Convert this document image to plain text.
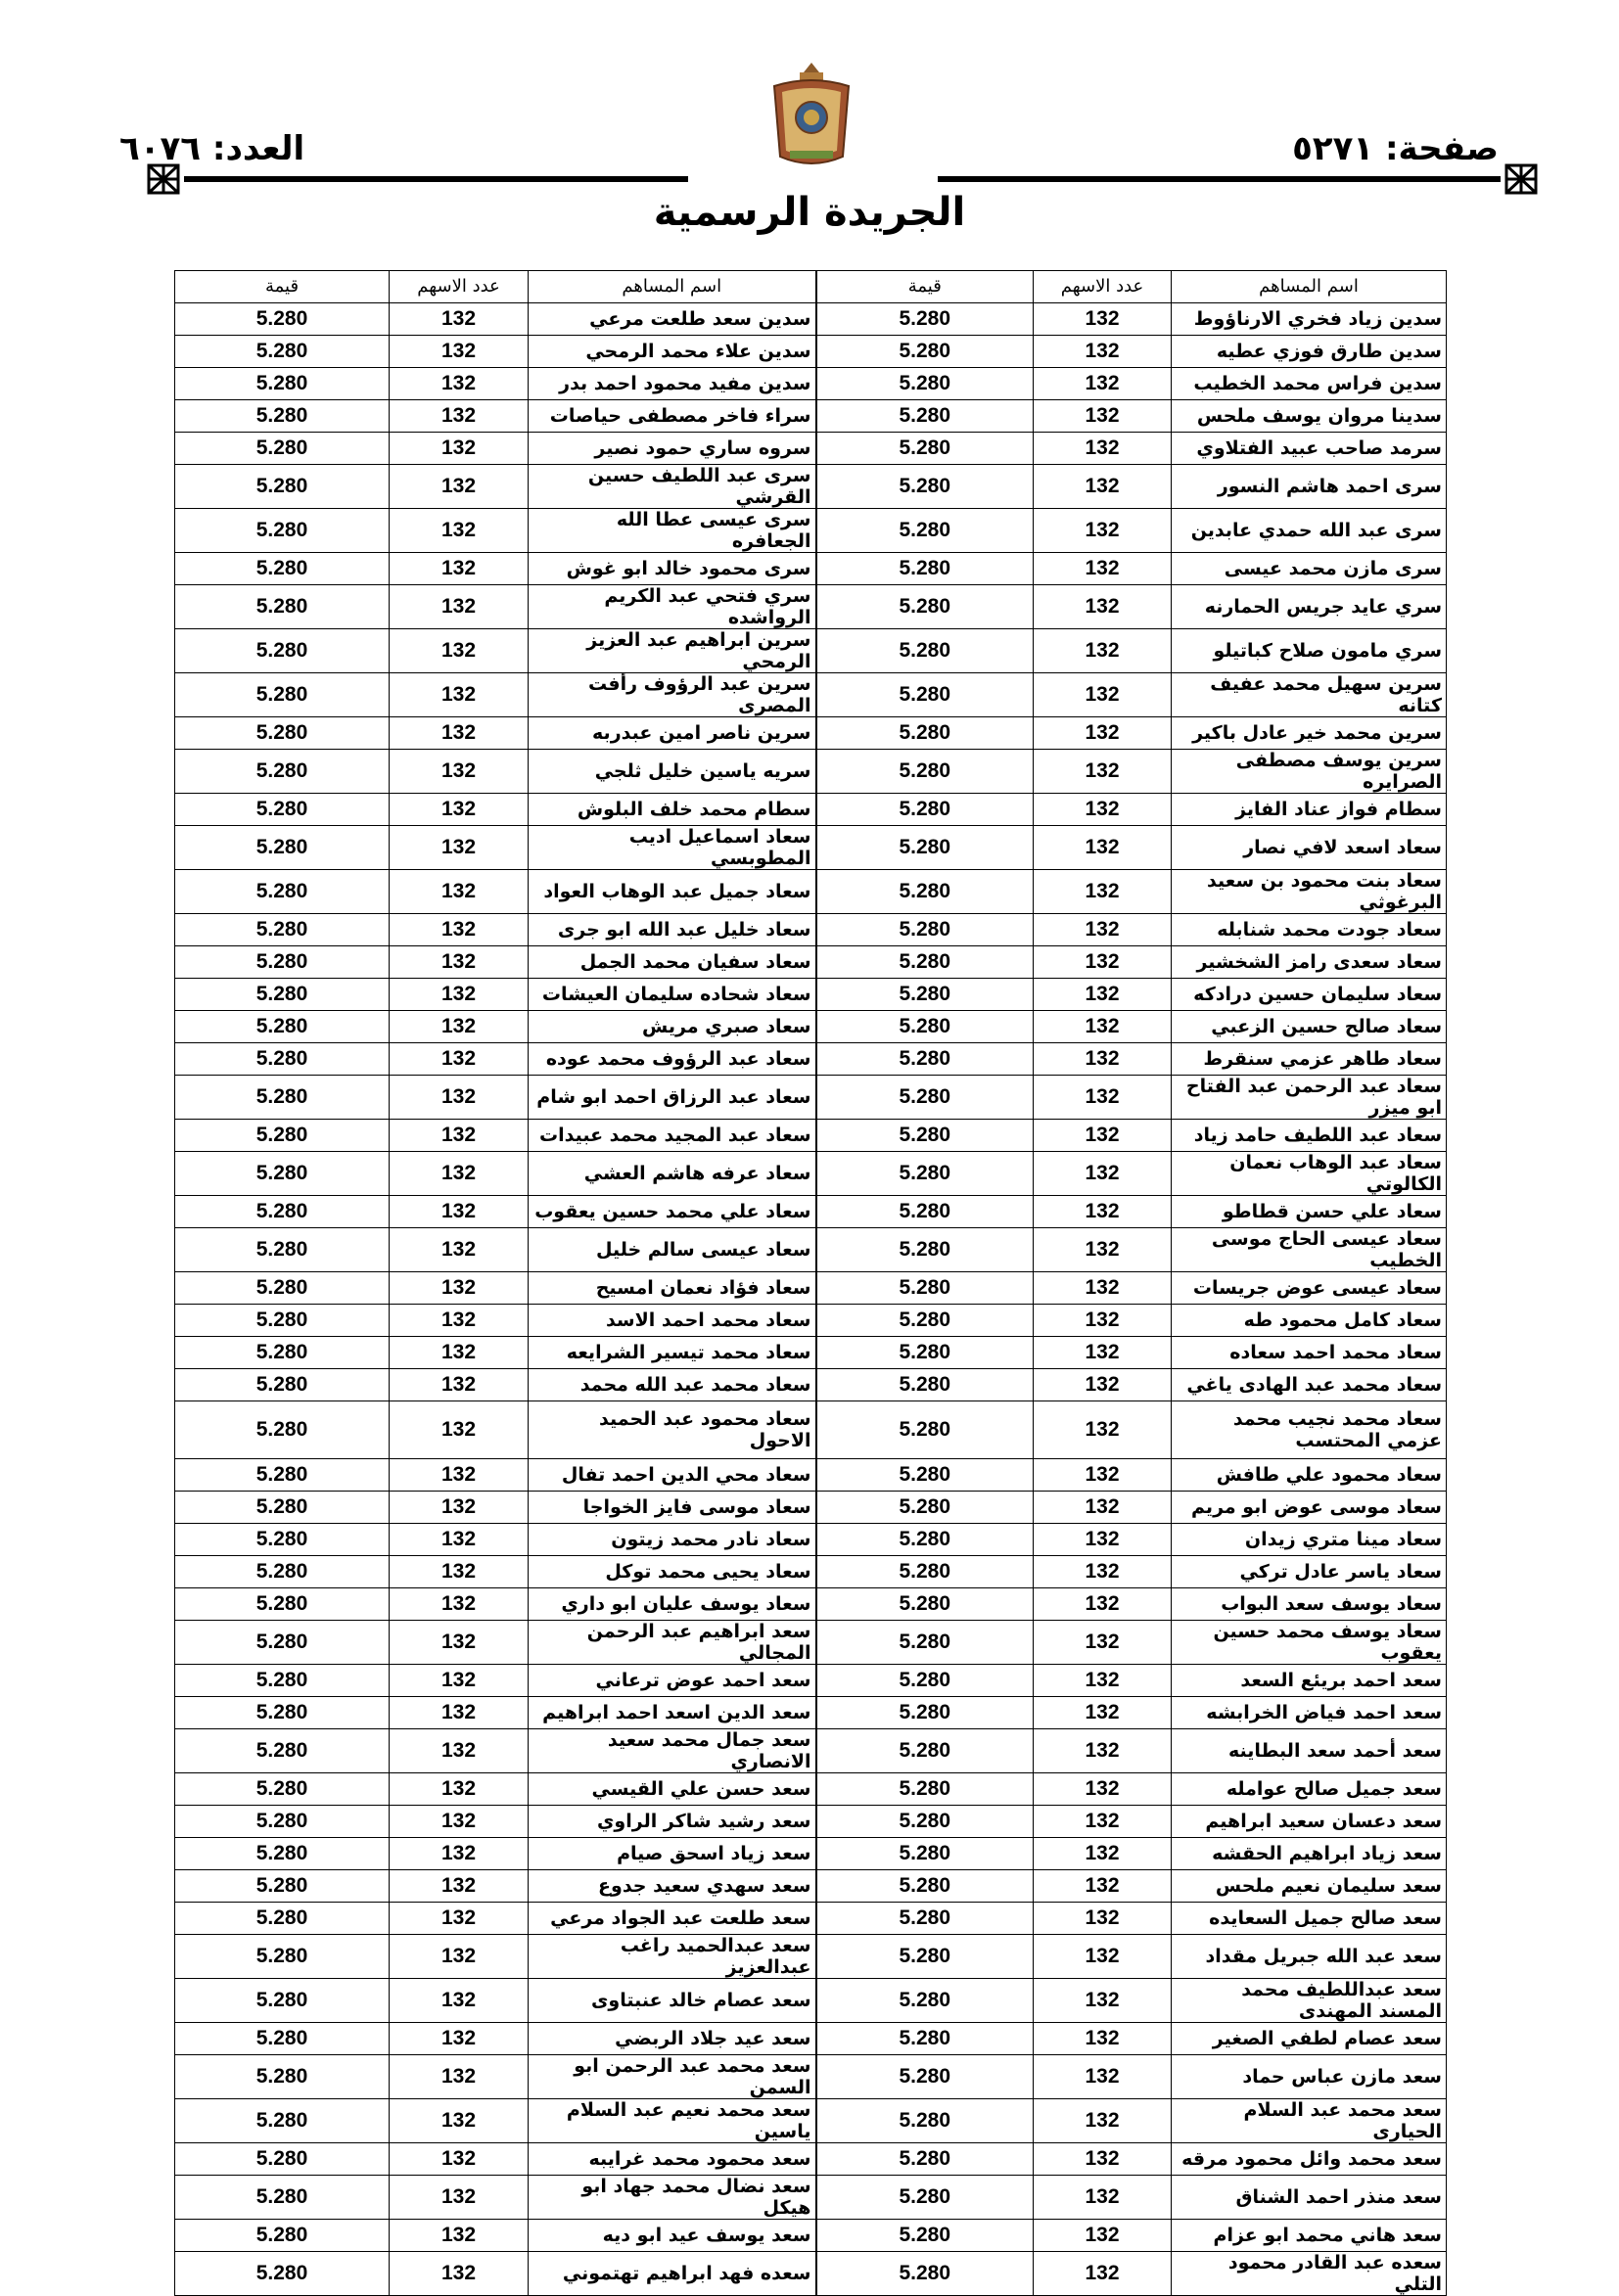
صفحة: ٥٢٧١
العدد: ٦٠٧٦
الجريدة الرسمية
اسم المساهم	عدد الاسهم	قيمة	اسم المساهم	عدد الاسهم	قيمة
سدين زياد فخري الارناؤوط	132	5.280	سدين سعد طلعت مرعي	132	5.280
سدين طارق فوزي عطيه	132	5.280	سدين علاء محمد الرمحي	132	5.280
سدين فراس محمد الخطيب	132	5.280	سدين مفيد محمود احمد بدر	132	5.280
سدينا مروان يوسف ملحس	132	5.280	سراء فاخر مصطفى حياصات	132	5.280
سرمد صاحب عبيد الفتلاوي	132	5.280	سروه ساري حمود نصير	132	5.280
سرى احمد هاشم النسور	132	5.280	سرى عبد اللطيف حسين القرشي	132	5.280
سرى عبد الله حمدي عابدين	132	5.280	سرى عيسى عطا الله الجعافره	132	5.280
سرى مازن محمد عيسى	132	5.280	سرى محمود خالد ابو غوش	132	5.280
سري عايد جريس الحمارنه	132	5.280	سري فتحي عبد الكريم الرواشده	132	5.280
سري مامون صلاح كباتيلو	132	5.280	سرين ابراهيم عبد العزيز الرمحي	132	5.280
سرين سهيل محمد عفيف كتانه	132	5.280	سرين عبد الرؤوف رأفت المصرى	132	5.280
سرين محمد خير عادل باكير	132	5.280	سرين ناصر امين عبدربه	132	5.280
سرين يوسف مصطفى الصرايره	132	5.280	سريه ياسين خليل ثلجي	132	5.280
سطام فواز عناد الفايز	132	5.280	سطام محمد خلف البلوش	132	5.280
سعاد اسعد لافي نصار	132	5.280	سعاد اسماعيل اديب المطوبسي	132	5.280
سعاد بنت محمود بن سعيد البرغوثي	132	5.280	سعاد جميل عبد الوهاب العواد	132	5.280
سعاد جودت محمد شنابله	132	5.280	سعاد خليل عبد الله ابو جرى	132	5.280
سعاد سعدى رامز الشخشير	132	5.280	سعاد سفيان محمد الجمل	132	5.280
سعاد سليمان حسين درادكه	132	5.280	سعاد شحاده سليمان العيشات	132	5.280
سعاد صالح حسين الزعبي	132	5.280	سعاد صبري مريش	132	5.280
سعاد طاهر عزمي سنقرط	132	5.280	سعاد عبد الرؤوف محمد عوده	132	5.280
سعاد عبد الرحمن عبد الفتاح ابو ميزر	132	5.280	سعاد عبد الرزاق احمد ابو شام	132	5.280
سعاد عبد اللطيف حامد زياد	132	5.280	سعاد عبد المجيد محمد عبيدات	132	5.280
سعاد عبد الوهاب نعمان الكالوتي	132	5.280	سعاد عرفه هاشم العشي	132	5.280
سعاد علي حسن قطاطو	132	5.280	سعاد علي محمد حسين يعقوب	132	5.280
سعاد عيسى الحاج موسى الخطيب	132	5.280	سعاد عيسى سالم خليل	132	5.280
سعاد عيسى عوض جريسات	132	5.280	سعاد فؤاد نعمان امسيح	132	5.280
سعاد كامل محمود طه	132	5.280	سعاد محمد احمد الاسد	132	5.280
سعاد محمد احمد سعاده	132	5.280	سعاد محمد تيسير الشرايعه	132	5.280
سعاد محمد عبد الهادى ياغي	132	5.280	سعاد محمد عبد الله محمد	132	5.280
سعاد محمد نجيب محمد عزمي المحتسب	132	5.280	سعاد محمود عبد الحميد الاحول	132	5.280
سعاد محمود علي طافش	132	5.280	سعاد محي الدين احمد تفال	132	5.280
سعاد موسى عوض ابو مريم	132	5.280	سعاد موسى فايز الخواجا	132	5.280
سعاد مينا متري زيدان	132	5.280	سعاد نادر محمد زيتون	132	5.280
سعاد ياسر عادل تركي	132	5.280	سعاد يحيى محمد توكل	132	5.280
سعاد يوسف سعد البواب	132	5.280	سعاد يوسف عليان ابو داري	132	5.280
سعاد يوسف محمد حسين يعقوب	132	5.280	سعد ابراهيم عبد الرحمن المجالي	132	5.280
سعد احمد بريئع السعد	132	5.280	سعد احمد عوض ترعاني	132	5.280
سعد احمد فياض الخرابشه	132	5.280	سعد الدين اسعد احمد ابراهيم	132	5.280
سعد أحمد سعد البطاينه	132	5.280	سعد جمال محمد سعيد الانصاري	132	5.280
سعد جميل صالح عوامله	132	5.280	سعد حسن علي القيسي	132	5.280
سعد دعسان سعيد ابراهيم	132	5.280	سعد رشيد شاكر الراوي	132	5.280
سعد زياد ابراهيم الحقشه	132	5.280	سعد زياد اسحق صيام	132	5.280
سعد سليمان نعيم ملحس	132	5.280	سعد سهدي سعيد جدوع	132	5.280
سعد صالح جميل السعايده	132	5.280	سعد طلعت عبد الجواد مرعي	132	5.280
سعد عبد الله جبريل مقداد	132	5.280	سعد عبدالحميد راغب عبدالعزيز	132	5.280
سعد عبداللطيف محمد المسند المهندى	132	5.280	سعد عصام خالد عنبتاوى	132	5.280
سعد عصام لطفي الصغير	132	5.280	سعد عيد جلاد الربضي	132	5.280
سعد مازن عباس حماد	132	5.280	سعد محمد عبد الرحمن ابو السمن	132	5.280
سعد محمد عبد السلام الحيارى	132	5.280	سعد محمد نعيم عبد السلام ياسين	132	5.280
سعد محمد وائل محمود مرقه	132	5.280	سعد محمود محمد غرايبه	132	5.280
سعد منذر احمد الشناق	132	5.280	سعد نضال محمد جهاد ابو هيكل	132	5.280
سعد هاني محمد ابو عزام	132	5.280	سعد يوسف عيد ابو ديه	132	5.280
سعده عبد القادر محمود التلي	132	5.280	سعده فهد ابراهيم تهتموني	132	5.280
